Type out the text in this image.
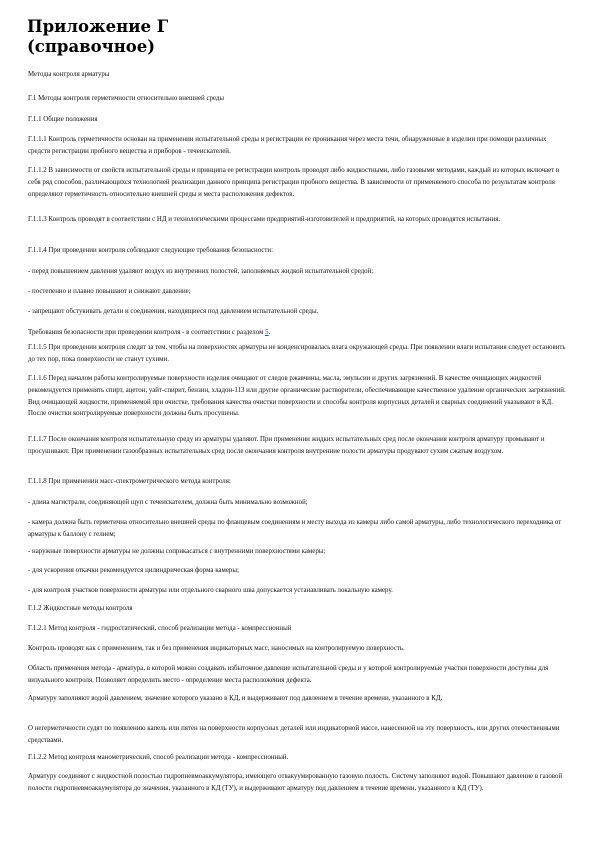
Приложение Г
(справочное)

Методы контроля арматуры

Г.1 Методы контроля герметичности относительно внешней среды

Г.1.1 Общие положения

Г.1.1.1 Контроль герметичности основан на применении испытательной среды и регистрации ее проникания через места течи, обнаруженные в изделии при помощи различных средств регистрации пробного вещества и приборов - течеискателей.

Г.1.1.2 В зависимости от свойств испытательной среды и принципа ее регистрации контроль проводят либо жидкостными, либо газовыми методами, каждый из которых включает в себя ряд способов, различающихся технологией реализации данного принципа регистрации пробного вещества. В зависимости от применяемого способа по результатам контроля определяют герметичность относительно внешней среды и места расположения дефектов.

Г.1.1.3 Контроль проводят в соответствии с НД и технологическими процессами предприятий-изготовителей и предприятий, на которых проводятся испытания.

Г.1.1.4 При проведении контроля соблюдают следующие требования безопасности:

- перед повышением давления удаляют воздух из внутренних полостей, заполняемых жидкой испытательной средой;

- постепенно и плавно повышают и снижают давление;

- запрещают обстукивать детали и соединения, находящиеся под давлением испытательной среды.

Требования безопасности при проведении контроля - в соответствии с разделом 5.

Г.1.1.5 При проведении контроля следят за тем, чтобы на поверхностях арматуры не конденсировалась влага окружающей среды. При появлении влаги испытания следует остановить до тех пор, пока поверхности не станут сухими.

Г.1.1.6 Перед началом работы контролируемые поверхности изделия очищают от следов ржавчины, масла, эмульсии и других загрязнений. В качестве очищающих жидкостей рекомендуется применять спирт, ацетон, уайт-спирит, бензин, хладон-113 или другие органические растворители, обеспечивающие качественное удаление органических загрязнений. Вид очищающей жидкости, применяемой при очистке, требования качества очистки поверхности и способы контроля корпусных деталей и сварных соединений указывают в КД. После очистки контролируемые поверхности должны быть просушены.

Г.1.1.7 После окончания контроля испытательную среду из арматуры удаляют. При применении жидких испытательных сред после окончания контроля арматуру промывают и просушивают. При применении газообразных испытательных сред после окончания контроля внутренние полости арматуры продувают сухим сжатым воздухом.

Г.1.1.8 При применении масс-спектрометрического метода контроля:

- длина магистрали, соединяющей щуп с течеискателем, должна быть минимально возможной;

- камера должна быть герметична относительно внешней среды по фланцевым соединениям и месту выхода из камеры либо самой арматуры, либо технологического переходника от арматуры к баллону с гелием;

- наружные поверхности арматуры не должны соприкасаться с внутренними поверхностями камеры;

- для ускорения откачки рекомендуется цилиндрическая форма камеры;

- для контроля участков поверхности арматуры или отдельного сварного шва допускается устанавливать локальную камеру.

Г.1.2 Жидкостные методы контроля

Г.1.2.1 Метод контроля - гидростатический, способ реализации метода - компрессионный

Контроль проводят как с применением, так и без применения индикаторных масс, наносимых на контролируемую поверхность.

Область применения метода - арматура, в которой можно создавать избыточное давление испытательной среды и у которой контролируемые участки поверхности доступны для визуального контроля. Позволяет определить место - определение места расположения дефекта.

Арматуру заполняют водой давлением, значение которого указано в КД, и выдерживают под давлением в течение времени, указанного в КД.

О негерметичности судят по появлению капель или пятен на поверхности корпусных деталей или индикаторной массе, нанесенной на эту поверхность, или других отечественными средствами.

Г.1.2.2 Метод контроля манометрический, способ реализации метода - компрессионный.

Арматуру соединяют с жидкостной полостью гидропневмоаккумулятора, имеющего отвакуумированную газовую полость. Систему заполняют водой. Повышают давление в газовой полости гидропневмоаккумулятора до значения, указанного в КД (ТУ), и выдерживают арматуру под давлением в течение времени, указанного в КД (ТУ).
